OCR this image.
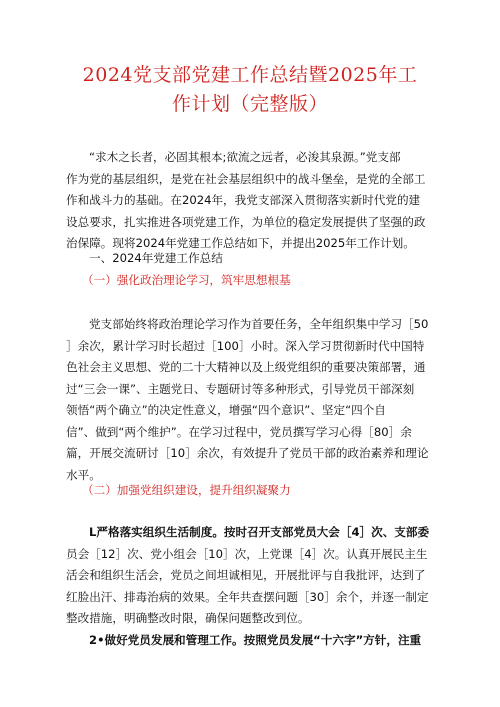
2024党支部党建工作总结暨2025年工
作计划（完整版）
“求木之长者，必固其根本;欲流之远者，必浚其泉源。”党支部
作为党的基层组织，是党在社会基层组织中的战斗堡垒，是党的全部工
作和战斗力的基础。在2024年，我党支部深入贯彻落实新时代党的建
设总要求，扎实推进各项党建工作，为单位的稳定发展提供了坚强的政
治保障。现将2024年党建工作总结如下，并提出2025年工作计划。
一、2024年党建工作总结
（一）强化政治理论学习，筑牢思想根基
党支部始终将政治理论学习作为首要任务，全年组织集中学习［50
］余次，累计学习时长超过［100］小时。深入学习贯彻新时代中国特
色社会主义思想、党的二十大精神以及上级党组织的重要决策部署，通
过“三会一课”、主题党日、专题研讨等多种形式，引导党员干部深刻
领悟“两个确立”的决定性意义，增强“四个意识”、坚定“四个自
信”、做到“两个维护”。在学习过程中，党员撰写学习心得［80］余
篇，开展交流研讨［10］余次，有效提升了党员干部的政治素养和理论
水平。
（二）加强党组织建设，提升组织凝聚力
L严格落实组织生活制度。按时召开支部党员大会［4］次、支部委
员会［12］次、党小组会［10］次，上党课［4］次。认真开展民主生
活会和组织生活会，党员之间坦诚相见，开展批评与自我批评，达到了
红脸出汗、排毒治病的效果。全年共查摆问题［30］余个，并逐一制定
整改措施，明确整改时限，确保问题整改到位。
2•做好党员发展和管理工作。按照党员发展“十六字”方针，注重
